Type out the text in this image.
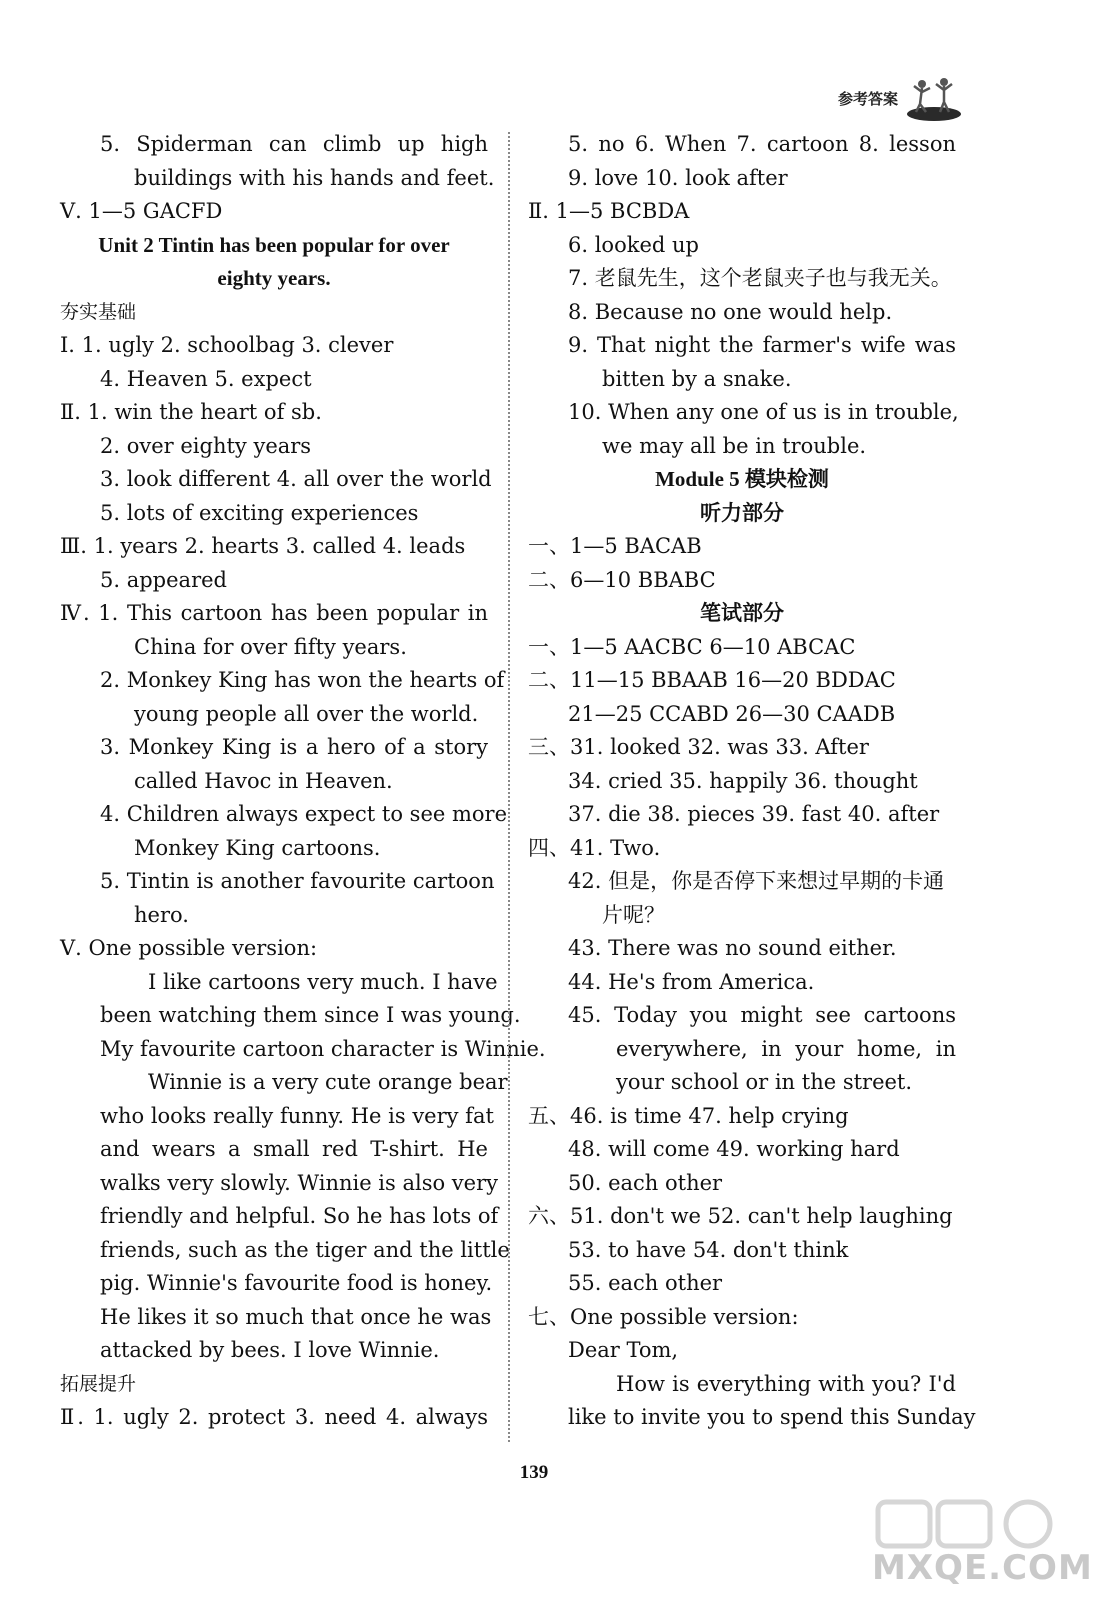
参考答案
5. Spiderman can climb up high
buildings with his hands and feet.
Ⅴ. 1—5 GACFD
Unit 2 Tintin has been popular for over
eighty years.
夯实基础
Ⅰ. 1. ugly 2. schoolbag 3. clever
4. Heaven 5. expect
Ⅱ. 1. win the heart of sb.
2. over eighty years
3. look different 4. all over the world
5. lots of exciting experiences
Ⅲ. 1. years 2. hearts 3. called 4. leads
5. appeared
Ⅳ. 1. This cartoon has been popular in
China for over fifty years.
2. Monkey King has won the hearts of
young people all over the world.
3. Monkey King is a hero of a story
called Havoc in Heaven.
4. Children always expect to see more
Monkey King cartoons.
5. Tintin is another favourite cartoon
hero.
Ⅴ. One possible version:
I like cartoons very much. I have
been watching them since I was young.
My favourite cartoon character is Winnie.
Winnie is a very cute orange bear
who looks really funny. He is very fat
and wears a small red T-shirt. He
walks very slowly. Winnie is also very
friendly and helpful. So he has lots of
friends, such as the tiger and the little
pig. Winnie's favourite food is honey.
He likes it so much that once he was
attacked by bees. I love Winnie.
拓展提升
Ⅱ. 1. ugly 2. protect 3. need 4. always
5. no 6. When 7. cartoon 8. lesson
9. love 10. look after
Ⅱ. 1—5 BCBDA
6. looked up
7. 老鼠先生，这个老鼠夹子也与我无关。
8. Because no one would help.
9. That night the farmer's wife was
bitten by a snake.
10. When any one of us is in trouble,
we may all be in trouble.
Module 5 模块检测
听力部分
一、1—5 BACAB
二、6—10 BBABC
笔试部分
一、1—5 AACBC 6—10 ABCAC
二、11—15 BBAAB 16—20 BDDAC
21—25 CCABD 26—30 CAADB
三、31. looked 32. was 33. After
34. cried 35. happily 36. thought
37. die 38. pieces 39. fast 40. after
四、41. Two.
42. 但是，你是否停下来想过早期的卡通
片呢？
43. There was no sound either.
44. He's from America.
45. Today you might see cartoons
everywhere, in your home, in
your school or in the street.
五、46. is time 47. help crying
48. will come 49. working hard
50. each other
六、51. don't we 52. can't help laughing
53. to have 54. don't think
55. each other
七、One possible version:
Dear Tom,
How is everything with you? I'd
like to invite you to spend this Sunday
139
MXQE.COM
